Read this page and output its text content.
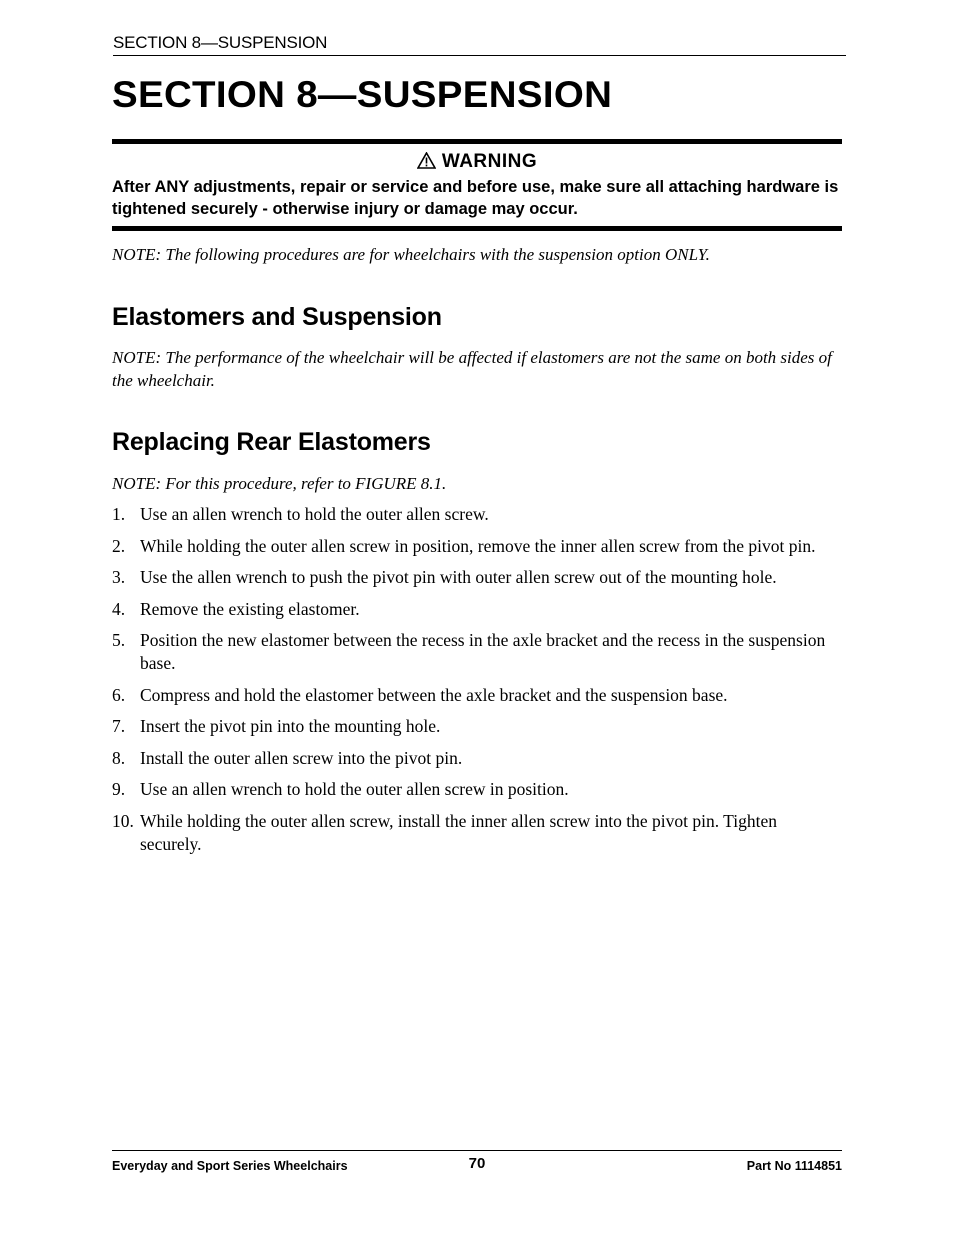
SECTION 8—SUSPENSION
SECTION 8—SUSPENSION
WARNING
After ANY adjustments, repair or service and before use, make sure all attaching hardware is tightened securely - otherwise injury or damage may occur.
NOTE: The following procedures are for wheelchairs with the suspension option ONLY.
Elastomers and Suspension
NOTE: The performance of the wheelchair will be affected if elastomers are not the same on both sides of the wheelchair.
Replacing Rear Elastomers
NOTE: For this procedure, refer to FIGURE 8.1.
1. Use an allen wrench to hold the outer allen screw.
2. While holding the outer allen screw in position, remove the inner allen screw from the pivot pin.
3. Use the allen wrench to push the pivot pin with outer allen screw out of the mounting hole.
4. Remove the existing elastomer.
5. Position the new elastomer between the recess in the axle bracket and the recess in the suspension base.
6. Compress and hold the elastomer between the axle bracket and the suspension base.
7. Insert the pivot pin into the mounting hole.
8. Install the outer allen screw into the pivot pin.
9. Use an allen wrench to hold the outer allen screw in position.
10. While holding the outer allen screw, install the inner allen screw into the pivot pin. Tighten securely.
Everyday and Sport Series Wheelchairs	70	Part No 1114851
